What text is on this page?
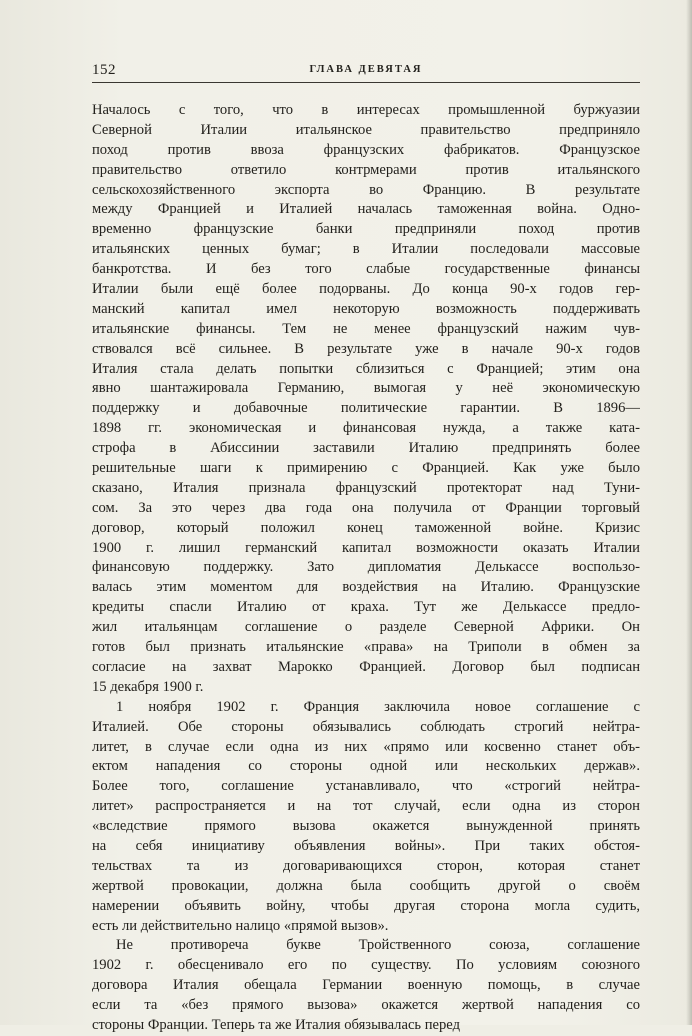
152	ГЛАВА ДЕВЯТАЯ
Началось с того, что в интересах промышленной буржуазии
Северной Италии итальянское правительство предприняло
поход против ввоза французских фабрикатов. Французское
правительство ответило контрмерами против итальянского
сельскохозяйственного экспорта во Францию. В результате
между Францией и Италией началась таможенная война. Одно-
временно французские банки предприняли поход против
итальянских ценных бумаг; в Италии последовали массовые
банкротства. И без того слабые государственные финансы
Италии были ещё более подорваны. До конца 90-х годов гер-
манский капитал имел некоторую возможность поддерживать
итальянские финансы. Тем не менее французский нажим чув-
ствовался всё сильнее. В результате уже в начале 90-х годов
Италия стала делать попытки сблизиться с Францией; этим она
явно шантажировала Германию, вымогая у неё экономическую
поддержку и добавочные политические гарантии. В 1896—
1898 гг. экономическая и финансовая нужда, а также ката-
строфа в Абиссинии заставили Италию предпринять более
решительные шаги к примирению с Францией. Как уже было
сказано, Италия признала французский протекторат над Туни-
сом. За это через два года она получила от Франции торговый
договор, который положил конец таможенной войне. Кризис
1900 г. лишил германский капитал возможности оказать Италии
финансовую поддержку. Зато дипломатия Делькассе воспользо-
валась этим моментом для воздействия на Италию. Французские
кредиты спасли Италию от краха. Тут же Делькассе предло-
жил итальянцам соглашение о разделе Северной Африки. Он
готов был признать итальянские «права» на Триполи в обмен за
согласие на захват Марокко Францией. Договор был подписан
15 декабря 1900 г.
1 ноября 1902 г. Франция заключила новое соглашение с
Италией. Обе стороны обязывались соблюдать строгий нейтра-
литет, в случае если одна из них «прямо или косвенно станет объ-
ектом нападения со стороны одной или нескольких держав».
Более того, соглашение устанавливало, что «строгий нейтра-
литет» распространяется и на тот случай, если одна из сторон
«вследствие прямого вызова окажется вынужденной принять
на себя инициативу объявления войны». При таких обстоя-
тельствах та из договаривающихся сторон, которая станет
жертвой провокации, должна была сообщить другой о своём
намерении объявить войну, чтобы другая сторона могла судить,
есть ли действительно налицо «прямой вызов».
Не противореча букве Тройственного союза, соглашение
1902 г. обесценивало его по существу. По условиям союзного
договора Италия обещала Германии военную помощь, в случае
если та «без прямого вызова» окажется жертвой нападения со
стороны Франции. Теперь та же Италия обязывалась перед
